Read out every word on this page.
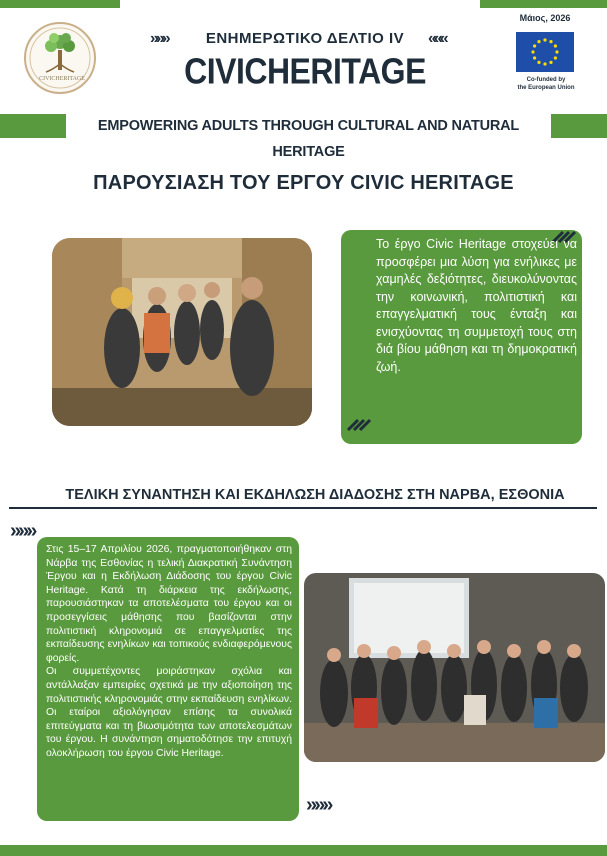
CIVICHERITAGE
»»»	ΕΝΗΜΕΡΩΤΙΚΟ ΔΕΛΤΙΟ IV	«««
CIVICHERITAGE
Μάιος, 2026
Co-funded by
the European Union
EMPOWERING ADULTS THROUGH CULTURAL AND NATURAL HERITAGE
ΠΑΡΟΥΣΙΑΣΗ ΤΟΥ ΕΡΓΟΥ CIVIC HERITAGE
Το έργο Civic Heritage στοχεύει να προσφέρει μια λύση για ενήλικες με χαμηλές δεξιότητες, διευκολύνοντας την κοινωνική, πολιτιστική και επαγγελματική τους ένταξη και ενισχύοντας τη συμμετοχή τους στη διά βίου μάθηση και τη δημοκρατική ζωή.
ΤΕΛΙΚΗ ΣΥΝΑΝΤΗΣΗ ΚΑΙ ΕΚΔΗΛΩΣΗ ΔΙΑΔΟΣΗΣ ΣΤΗ ΝΑΡΒΑ, ΕΣΘΟΝΙΑ
»»»

Στις 15–17 Απριλίου 2026, πραγματοποιήθηκαν στη Νάρβα της Εσθονίας η τελική Διακρατική Συνάντηση Έργου και η Εκδήλωση Διάδοσης του έργου Civic Heritage. Κατά τη διάρκεια της εκδήλωσης, παρουσιάστηκαν τα αποτελέσματα του έργου και οι προσεγγίσεις μάθησης που βασίζονται στην πολιτιστική κληρονομιά σε επαγγελματίες της εκπαίδευσης ενηλίκων και τοπικούς ενδιαφερόμενους φορείς.

Οι συμμετέχοντες μοιράστηκαν σχόλια και αντάλλαξαν εμπειρίες σχετικά με την αξιοποίηση της πολιτιστικής κληρονομιάς στην εκπαίδευση ενηλίκων. Οι εταίροι αξιολόγησαν επίσης τα συνολικά επιτεύγματα και τη βιωσιμότητα των αποτελεσμάτων του έργου. Η συνάντηση σηματοδότησε την επιτυχή ολοκλήρωση του έργου Civic Heritage.

»»»
